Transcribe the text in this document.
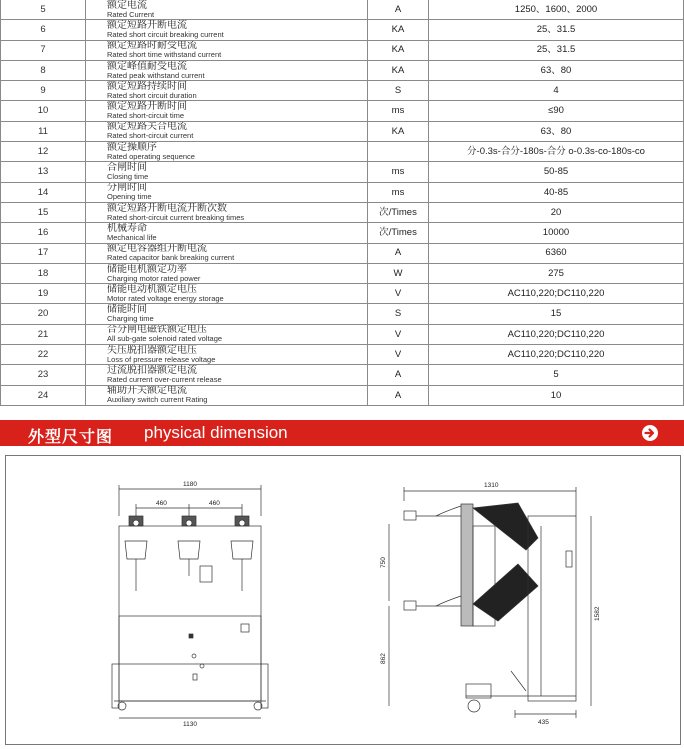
5	额定电流
Rated Current	A	1250、1600、2000
6	额定短路开断电流
Rated short circuit breaking current	KA	25、31.5
7	额定短路时耐受电流
Rated short time withstand current	KA	25、31.5
8	额定峰值耐受电流
Rated peak withstand current	KA	63、80
9	额定短路持续时间
Rated short circuit duration	S	4
10	额定短路开断时间
Rated short-circuit time	ms	≤90
11	额定短路关合电流
Rated short-circuit current	KA	63、80
12	额定操顺序
Rated operating sequence		分-0.3s-合分-180s-合分 o-0.3s-co-180s-co
13	合闸时间
Closing time	ms	50-85
14	分闸时间
Opening time	ms	40-85
15	额定短路开断电流开断次数
Rated short-circuit current breaking times	次/Times	20
16	机械寿命
Mechanical life	次/Times	10000
17	额定电容器组开断电流
Rated capacitor bank breaking current	A	6360
18	储能电机额定功率
Charging motor rated power	W	275
19	储能电动机额定电压
Motor rated voltage energy storage	V	AC110,220;DC110,220
20	储能时间
Charging time	S	15
21	合分闸电磁铁额定电压
All sub-gate solenoid rated voltage	V	AC110,220;DC110,220
22	失压脱扣器额定电压
Loss of pressure release voltage	V	AC110,220;DC110,220
23	过流脱扣器额定电流
Rated current over-current release	A	5
24	辅助开关额定电流
Auxiliary switch current Rating	A	10
外型尺寸图 physical dimension
1180
460	460
1130
1310
750
862
1582
435
